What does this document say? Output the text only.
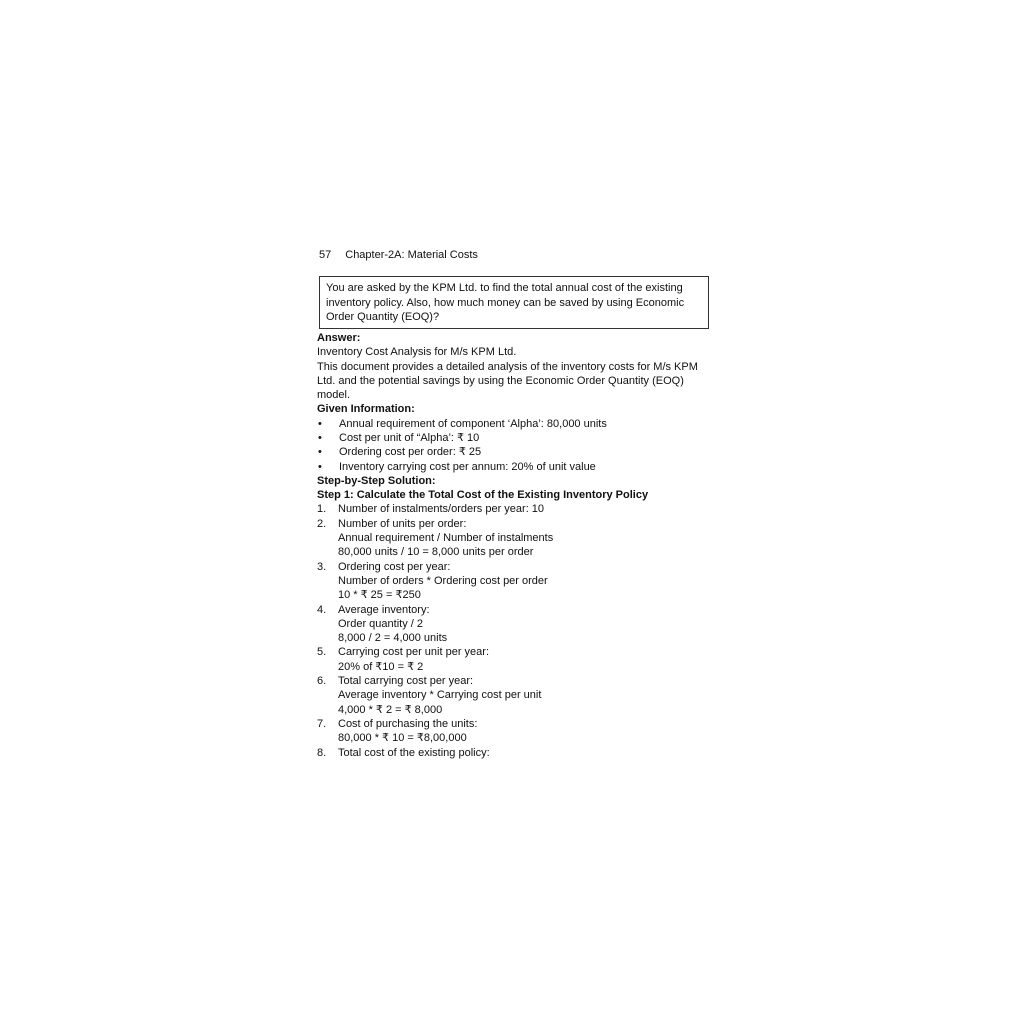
57 Chapter-2A: Material Costs
You are asked by the KPM Ltd. to find the total annual cost of the existing inventory policy. Also, how much money can be saved by using Economic Order Quantity (EOQ)?
Answer:

Inventory Cost Analysis for M/s KPM Ltd.

This document provides a detailed analysis of the inventory costs for M/s KPM Ltd. and the potential savings by using the Economic Order Quantity (EOQ) model.

Given Information:
•	Annual requirement of component ‘Alpha’: 80,000 units
•	Cost per unit of “Alpha’: ₹ 10
•	Ordering cost per order: ₹ 25
•	Inventory carrying cost per annum: 20% of unit value
Step-by-Step Solution:
Step 1: Calculate the Total Cost of the Existing Inventory Policy
1.	Number of instalments/orders per year: 10
2.	Number of units per order:
Annual requirement / Number of instalments
80,000 units / 10 = 8,000 units per order
3.	Ordering cost per year:
Number of orders * Ordering cost per order
10 * ₹ 25 = ₹250
4.	Average inventory:
Order quantity / 2
8,000 / 2 = 4,000 units
5.	Carrying cost per unit per year:
20% of ₹10 = ₹ 2
6.	Total carrying cost per year:
Average inventory * Carrying cost per unit
4,000 * ₹ 2 = ₹ 8,000
7.	Cost of purchasing the units:
80,000 * ₹ 10 = ₹8,00,000
8.	Total cost of the existing policy:
